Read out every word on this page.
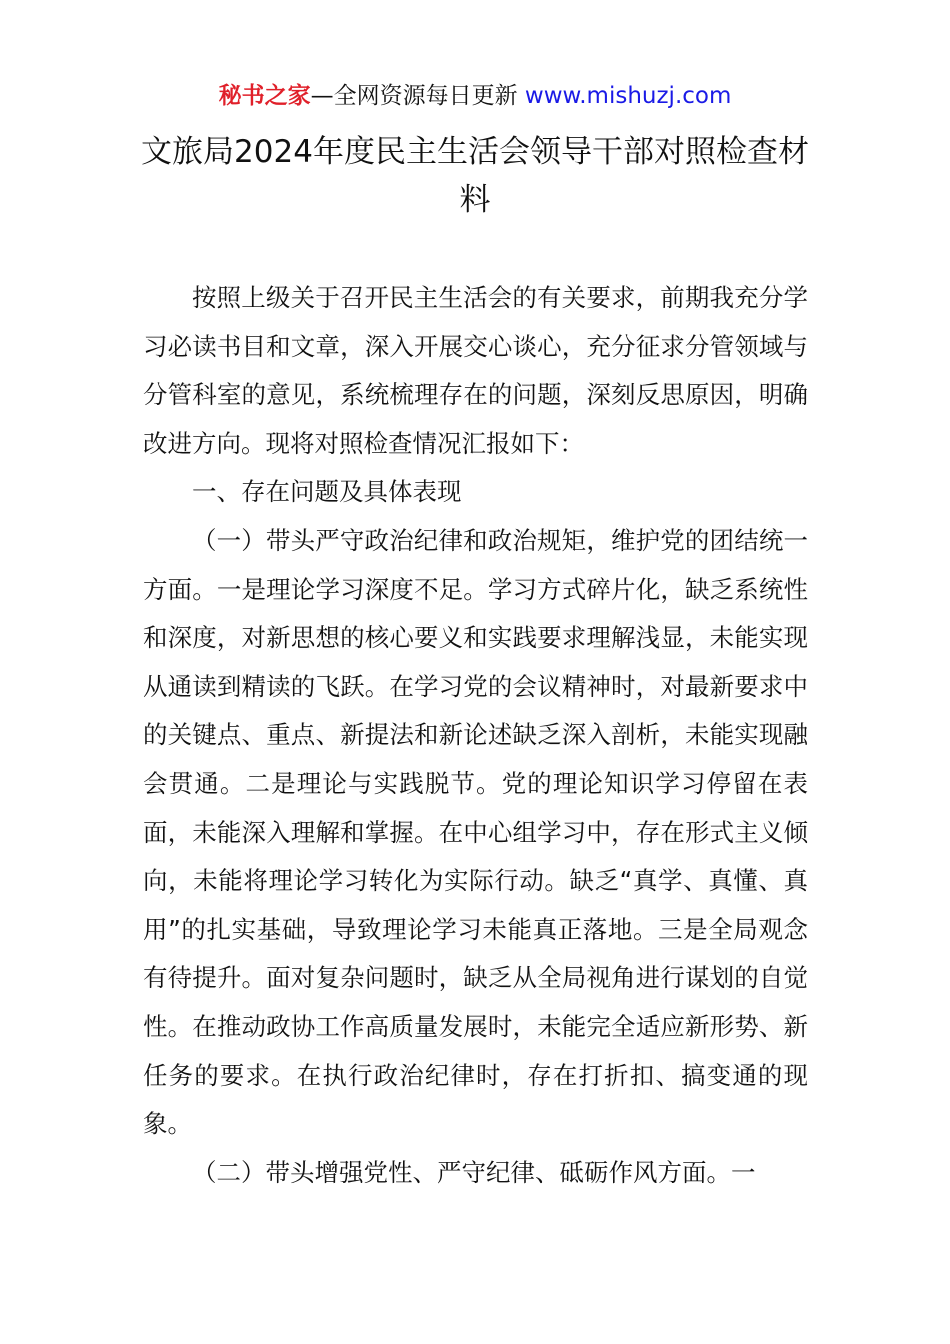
秘书之家—全网资源每日更新 www.mishuzj.com
文旅局2024年度民主生活会领导干部对照检查材料

按照上级关于召开民主生活会的有关要求，前期我充分学习必读书目和文章，深入开展交心谈心，充分征求分管领域与分管科室的意见，系统梳理存在的问题，深刻反思原因，明确改进方向。现将对照检查情况汇报如下：

一、存在问题及具体表现

（一）带头严守政治纪律和政治规矩，维护党的团结统一方面。一是理论学习深度不足。学习方式碎片化，缺乏系统性和深度，对新思想的核心要义和实践要求理解浅显，未能实现从通读到精读的飞跃。在学习党的会议精神时，对最新要求中的关键点、重点、新提法和新论述缺乏深入剖析，未能实现融会贯通。二是理论与实践脱节。党的理论知识学习停留在表面，未能深入理解和掌握。在中心组学习中，存在形式主义倾向，未能将理论学习转化为实际行动。缺乏“真学、真懂、真用”的扎实基础，导致理论学习未能真正落地。三是全局观念有待提升。面对复杂问题时，缺乏从全局视角进行谋划的自觉性。在推动政协工作高质量发展时，未能完全适应新形势、新任务的要求。在执行政治纪律时，存在打折扣、搞变通的现象。

（二）带头增强党性、严守纪律、砥砺作风方面。一
